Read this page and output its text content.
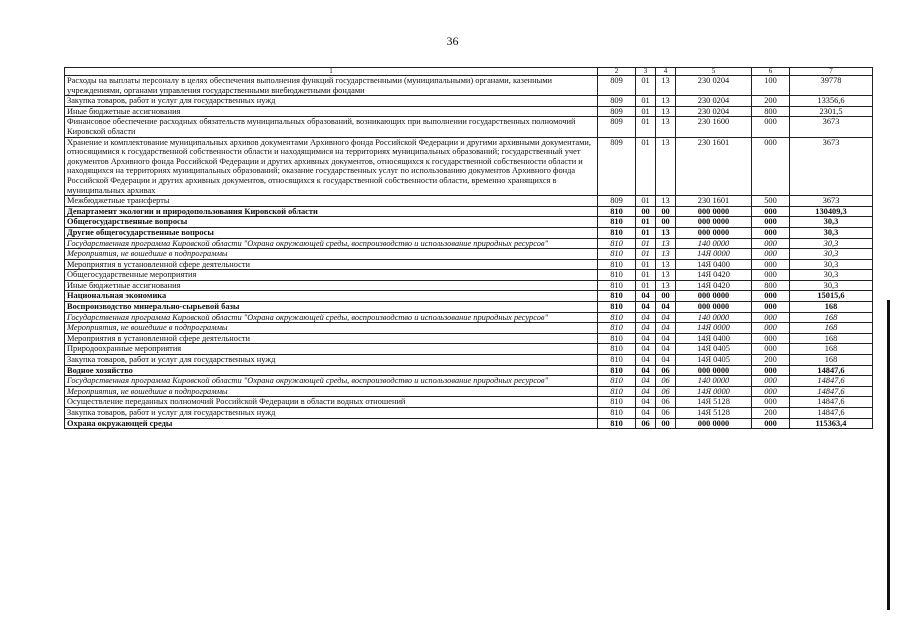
36
1	2	3	4	5	6	7
Расходы на выплаты персоналу в целях обеспечения выполнения функций государственными (муниципальными) органами, казенными учреждениями, органами управления государственными внебюджетными фондами	809	01	13	230 0204	100	39778
Закупка товаров, работ и услуг для государственных нужд	809	01	13	230 0204	200	13356,6
Иные бюджетные ассигнования	809	01	13	230 0204	800	2301,5
Финансовое обеспечение расходных обязательств муниципальных образований, возникающих при выполнении государственных полномочий Кировской области	809	01	13	230 1600	000	3673
Хранение и комплектование муниципальных архивов документами Архивного фонда Российской Федерации и другими архивными документами, относящимися к государственной собственности области и находящимися на территориях муниципальных образований; государственный учет документов Архивного фонда Российской Федерации и других архивных документов, относящихся к государственной собственности области и находящихся на территориях муниципальных образований; оказание государственных услуг по использованию документов Архивного фонда Российской Федерации и других архивных документов, относящихся к государственной собственности области, временно хранящихся в муниципальных архивах	809	01	13	230 1601	000	3673
Межбюджетные трансферты	809	01	13	230 1601	500	3673
Департамент экологии и природопользования Кировской области	810	00	00	000 0000	000	130409,3
Общегосударственные вопросы	810	01	00	000 0000	000	30,3
Другие общегосударственные вопросы	810	01	13	000 0000	000	30,3
Государственная программа Кировской области "Охрана окружающей среды, воспроизводство и использование природных ресурсов"	810	01	13	140 0000	000	30,3
Мероприятия, не вошедшие в подпрограммы	810	01	13	14Я 0000	000	30,3
Мероприятия в установленной сфере деятельности	810	01	13	14Я 0400	000	30,3
Общегосударственные мероприятия	810	01	13	14Я 0420	000	30,3
Иные бюджетные ассигнования	810	01	13	14Я 0420	800	30,3
Национальная экономика	810	04	00	000 0000	000	15015,6
Воспроизводство минерально-сырьевой базы	810	04	04	000 0000	000	168
Государственная программа Кировской области "Охрана окружающей среды, воспроизводство и использование природных ресурсов"	810	04	04	140 0000	000	168
Мероприятия, не вошедшие в подпрограммы	810	04	04	14Я 0000	000	168
Мероприятия в установленной сфере деятельности	810	04	04	14Я 0400	000	168
Природоохранные мероприятия	810	04	04	14Я 0405	000	168
Закупка товаров, работ и услуг для государственных нужд	810	04	04	14Я 0405	200	168
Водное хозяйство	810	04	06	000 0000	000	14847,6
Государственная программа Кировской области "Охрана окружающей среды, воспроизводство и использование природных ресурсов"	810	04	06	140 0000	000	14847,6
Мероприятия, не вошедшие в подпрограммы	810	04	06	14Я 0000	000	14847,6
Осуществление переданных полномочий Российской Федерации в области водных отношений	810	04	06	14Я 5128	000	14847,6
Закупка товаров, работ и услуг для государственных нужд	810	04	06	14Я 5128	200	14847,6
Охрана окружающей среды	810	06	00	000 0000	000	115363,4
